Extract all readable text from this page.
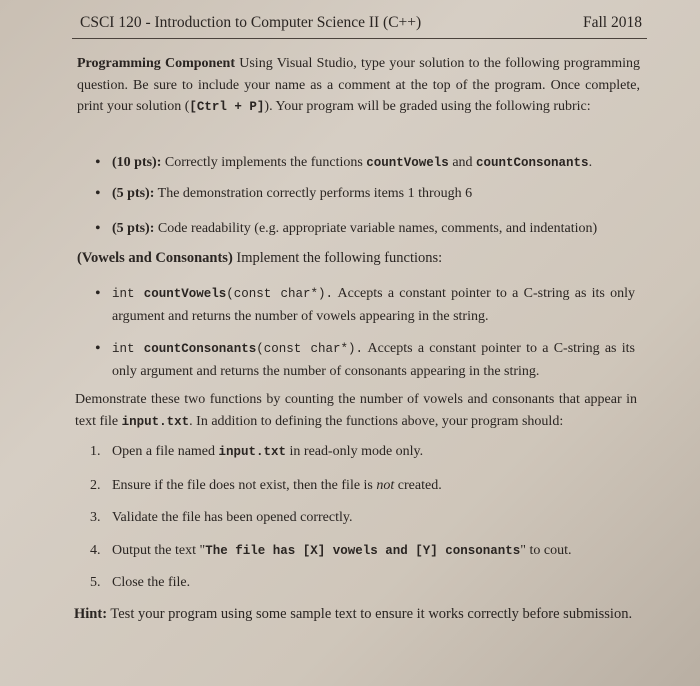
CSCI 120 - Introduction to Computer Science II (C++)	Fall 2018
Programming Component Using Visual Studio, type your solution to the following programming question. Be sure to include your name as a comment at the top of the program. Once complete, print your solution ([Ctrl + P]). Your program will be graded using the following rubric:
• (10 pts): Correctly implements the functions countVowels and countConsonants.
• (5 pts): The demonstration correctly performs items 1 through 6
• (5 pts): Code readability (e.g. appropriate variable names, comments, and indentation)
(Vowels and Consonants) Implement the following functions:
• int countVowels(const char*). Accepts a constant pointer to a C-string as its only argument and returns the number of vowels appearing in the string.
• int countConsonants(const char*). Accepts a constant pointer to a C-string as its only argument and returns the number of consonants appearing in the string.
Demonstrate these two functions by counting the number of vowels and consonants that appear in text file input.txt. In addition to defining the functions above, your program should:
1. Open a file named input.txt in read-only mode only.
2. Ensure if the file does not exist, then the file is not created.
3. Validate the file has been opened correctly.
4. Output the text "The file has [X] vowels and [Y] consonants" to cout.
5. Close the file.
Hint: Test your program using some sample text to ensure it works correctly before submission.
